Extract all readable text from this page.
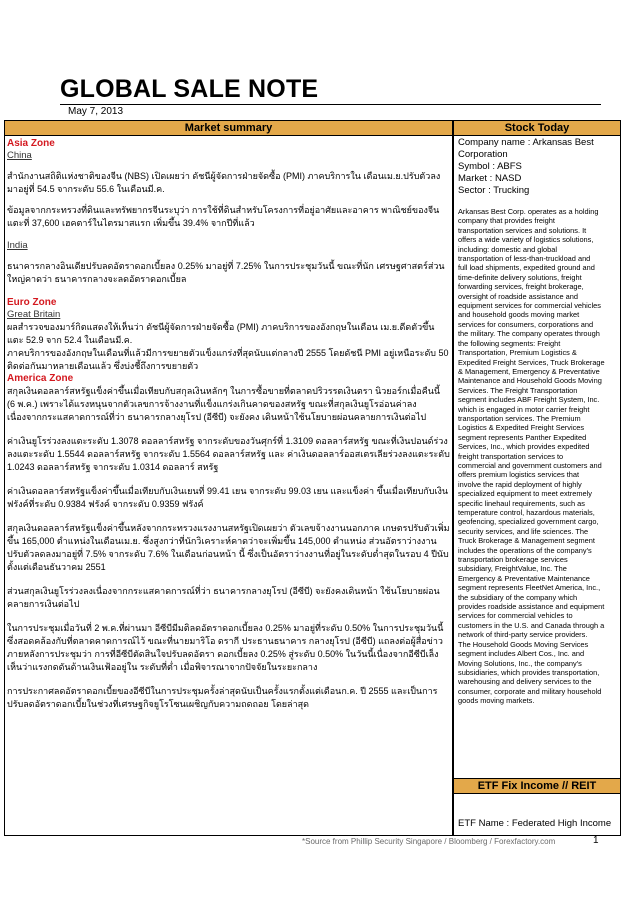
GLOBAL SALE NOTE
May 7, 2013
Market summary
Asia Zone
China

สำนักงานสถิติแห่งชาติของจีน (NBS) เปิดเผยว่า ดัชนีผู้จัดการฝ่ายจัดซื้อ (PMI) ภาคบริการใน เดือนเม.ย.ปรับตัวลงมาอยู่ที่ 54.5 จากระดับ 55.6 ในเดือนมี.ค.

ข้อมูลจากกระทรวงที่ดินและทรัพยากรจีนระบุว่า การใช้ที่ดินสำหรับโครงการที่อยู่อาศัยและอาคาร พาณิชย์ของจีนแตะที่ 37,600 เฮคตาร์ในไตรมาสแรก เพิ่มขึ้น 39.4% จากปีที่แล้ว

India

ธนาคารกลางอินเดียปรับลดอัตราดอกเบี้ยลง 0.25% มาอยู่ที่ 7.25% ในการประชุมวันนี้ ขณะที่นัก เศรษฐศาสตร์ส่วนใหญ่คาดว่า ธนาคารกลางจะลดอัตราดอกเบี้ยล

Euro Zone
Great Britain

ผลสำรวจของมาร์กิตแสดงให้เห็นว่า ดัชนีผู้จัดการฝ่ายจัดซื้อ (PMI) ภาคบริการของอังกฤษในเดือน เม.ย.ดีดตัวขึ้นแตะ 52.9 จาก 52.4 ในเดือนมี.ค.

ภาคบริการของอังกฤษในเดือนที่แล้วมีการขยายตัวแข็งแกร่งที่สุดนับแต่กลางปี 2555 โดยดัชนี PMI อยู่เหนือระดับ 50 ติดต่อกันมาหลายเดือนแล้ว ซึ่งบ่งชี้ถึงการขยายตัว

America Zone

สกุลเงินดอลลาร์สหรัฐแข็งค่าขึ้นเมื่อเทียบกับสกุลเงินหลักๆ ในการซื้อขายที่ตลาดปริวรรตเงินตรา นิวยอร์กเมื่อคืนนี้ (6 พ.ค.) เพราะได้แรงหนุนจากตัวเลขการจ้างงานที่แข็งแกร่งเกินคาดของสหรัฐ ขณะที่สกุลเงินยูโรอ่อนค่าลงเนื่องจากกระแสคาดการณ์ที่ว่า ธนาคารกลางยุโรป (อีซีบี) จะยังคง เดินหน้าใช้นโยบายผ่อนคลายการเงินต่อไป

ค่าเงินยูโรร่วงลงแตะระดับ 1.3078 ดอลลาร์สหรัฐ จากระดับของวันศุกร์ที่ 1.3109 ดอลลาร์สหรัฐ ขณะที่เงินปอนด์ร่วงลงแตะระดับ 1.5544 ดอลลาร์สหรัฐ จากระดับ 1.5564 ดอลลาร์สหรัฐ และ ค่าเงินดอลลาร์ออสเตรเลียร่วงลงแตะระดับ 1.0243 ดอลลาร์สหรัฐ จากระดับ 1.0314 ดอลลาร์ สหรัฐ

ค่าเงินดอลลาร์สหรัฐแข็งค่าขึ้นเมื่อเทียบกับเงินเยนที่ 99.41 เยน จากระดับ 99.03 เยน และแข็งค่า ขึ้นเมื่อเทียบกับเงินฟรังค์ที่ระดับ 0.9384 ฟรังค์ จากระดับ 0.9359 ฟรังค์

สกุลเงินดอลลาร์สหรัฐแข็งค่าขึ้นหลังจากกระทรวงแรงงานสหรัฐเปิดเผยว่า ตัวเลขจ้างงานนอกภาค เกษตรปรับตัวเพิ่มขึ้น 165,000 ตำแหน่งในเดือนเม.ย. ซึ่งสูงกว่าที่นักวิเคราะห์คาดว่าจะเพิ่มขึ้น 145,000 ตำแหน่ง ส่วนอัตราว่างงานปรับตัวลดลงมาอยู่ที่ 7.5% จากระดับ 7.6% ในเดือนก่อนหน้า นี้ ซึ่งเป็นอัตราว่างงานที่อยู่ในระดับต่ำสุดในรอบ 4 ปีนับตั้งแต่เดือนธันวาคม 2551

ส่วนสกุลเงินยูโรร่วงลงเนื่องจากกระแสคาดการณ์ที่ว่า ธนาคารกลางยุโรป (อีซีบี) จะยังคงเดินหน้า ใช้นโยบายผ่อนคลายการเงินต่อไป

ในการประชุมเมื่อวันที่ 2 พ.ค.ที่ผ่านมา อีซีบีมีมติลดอัตราดอกเบี้ยลง 0.25% มาอยู่ที่ระดับ 0.50% ในการประชุมวันนี้ ซึ่งสอดคล้องกับที่ตลาดคาดการณ์ไว้ ขณะที่นายมาริโอ ดรากี ประธานธนาคาร กลางยุโรป (อีซีบี) แถลงต่อผู้สื่อข่าวภายหลังการประชุมว่า การที่อีซีบีตัดสินใจปรับลดอัตรา ดอกเบี้ยลง 0.25% สู่ระดับ 0.50% ในวันนี้เนื่องจากอีซีบีเล็งเห็นว่าแรงกดดันด้านเงินเฟ้ออยู่ใน ระดับที่ต่ำ เมื่อพิจารณาจากปัจจัยในระยะกลาง

การประกาศลดอัตราดอกเบี้ยของอีซีบีในการประชุมครั้งล่าสุดนับเป็นครั้งแรกตั้งแต่เดือนก.ค. ปี 2555 และเป็นการปรับลดอัตราดอกเบี้ยในช่วงที่เศรษฐกิจยูโรโซนเผชิญกับความถดถอย โดยล่าสุด

Stock Today
Company name : Arkansas Best Corporation
Symbol : ABFS
Market : NASD
Sector : Trucking
Arkansas Best Corp. operates as a holding
company that provides freight
transportation services and solutions. It
offers a wide variety of logistics solutions,
including: domestic and global
transportation of less-than-truckload and
full load shipments, expedited ground and
time-definite delivery solutions, freight
forwarding services, freight brokerage,
oversight of roadside assistance and
equipment services for commercial vehicles
and household goods moving market
services for consumers, corporations and
the military. The company operates through
the following segments: Freight
Transportation, Premium Logistics &
Expedited Freight Services, Truck Brokerage
& Management, Emergency & Preventative
Maintenance and Household Goods Moving
Services. The Freight Transportation
segment includes ABF Freight System, Inc.
which is engaged in motor carrier freight
transportation services. The Premium
Logistics & Expedited Freight Services
segment represents Panther Expedited
Services, Inc., which provides expedited
freight transportation services to
commercial and government customers and
offers premium logistics services that
involve the rapid deployment of highly
specialized equipment to meet extremely
specific linehaul requirements, such as
temperature control, hazardous materials,
geofencing, specialized government cargo,
security services, and life sciences. The
Truck Brokerage & Management segment
includes the operations of the company's
transportation brokerage services
subsidiary, FreightValue, Inc. The
Emergency & Preventative Maintenance
segment represents FleetNet America, Inc.,
the subsidiary of the company which
provides roadside assistance and equipment
services for commercial vehicles to
customers in the U.S. and Canada through a
network of third-party service providers.
The Household Goods Moving Services
segment includes Albert Cos., Inc. and
Moving Solutions, Inc., the company's
subsidiaries, which provides transportation,
warehousing and delivery services to the
consumer, corporate and military household
goods moving markets.
ETF Fix Income // REIT
ETF Name : Federated High Income
*Source from Phillip Security Singapore / Bloomberg / Forexfactory.com	1
